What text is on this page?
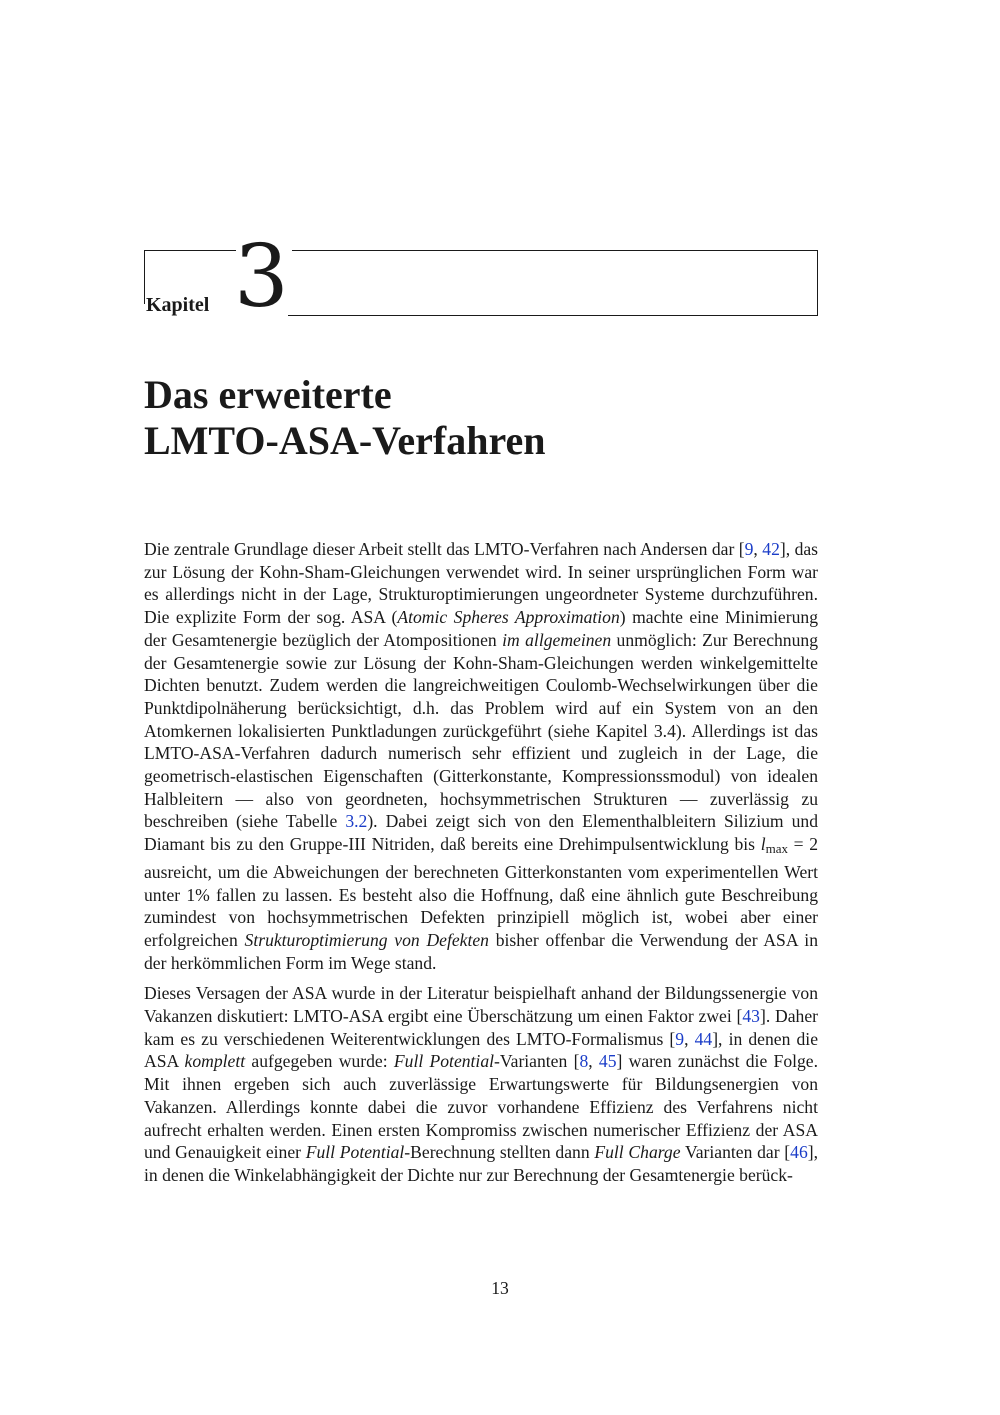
Kapitel 3
Das erweiterte
LMTO-ASA-Verfahren

Die zentrale Grundlage dieser Arbeit stellt das LMTO-Verfahren nach Andersen dar [9, 42], das zur Lösung der Kohn-Sham-Gleichungen verwendet wird. In seiner ursprünglichen Form war es allerdings nicht in der Lage, Strukturoptimierungen ungeordneter Systeme durchzuführen. Die explizite Form der sog. ASA (Atomic Spheres Approximation) machte eine Minimierung der Gesamtenergie bezüglich der Atompositionen im allgemeinen unmöglich: Zur Berechnung der Gesamtenergie sowie zur Lösung der Kohn-Sham-Gleichungen werden winkelgemittelte Dichten benutzt. Zudem werden die langreichweitigen Coulomb-Wechselwirkungen über die Punktdipolnäherung berücksichtigt, d.h. das Problem wird auf ein System von an den Atomkernen lokalisierten Punktladungen zurückgeführt (siehe Kapitel 3.4). Allerdings ist das LMTO-ASA-Verfahren dadurch numerisch sehr effizient und zugleich in der Lage, die geometrisch-elastischen Eigenschaften (Gitterkonstante, Kompressionssmodul) von idealen Halbleitern — also von geordneten, hochsymmetrischen Strukturen — zuverlässig zu beschreiben (siehe Tabelle 3.2). Dabei zeigt sich von den Elementhalbleitern Silizium und Diamant bis zu den Gruppe-III Nitriden, daß bereits eine Drehimpulsentwicklung bis lmax = 2 ausreicht, um die Abweichungen der berechneten Gitterkonstanten vom experimentellen Wert unter 1% fallen zu lassen. Es besteht also die Hoffnung, daß eine ähnlich gute Beschreibung zumindest von hochsymmetrischen Defekten prinzipiell möglich ist, wobei aber einer erfolgreichen Strukturoptimierung von Defekten bisher offenbar die Verwendung der ASA in der herkömmlichen Form im Wege stand.

Dieses Versagen der ASA wurde in der Literatur beispielhaft anhand der Bildungssenergie von Vakanzen diskutiert: LMTO-ASA ergibt eine Überschätzung um einen Faktor zwei [43]. Daher kam es zu verschiedenen Weiterentwicklungen des LMTO-Formalismus [9, 44], in denen die ASA komplett aufgegeben wurde: Full Potential-Varianten [8, 45] waren zunächst die Folge. Mit ihnen ergeben sich auch zuverlässige Erwartungswerte für Bildungsenergien von Vakanzen. Allerdings konnte dabei die zuvor vorhandene Effizienz des Verfahrens nicht aufrecht erhalten werden. Einen ersten Kompromiss zwischen numerischer Effizienz der ASA und Genauigkeit einer Full Potential-Berechnung stellten dann Full Charge Varianten dar [46], in denen die Winkelabhängigkeit der Dichte nur zur Berechnung der Gesamtenergie berück-

13
